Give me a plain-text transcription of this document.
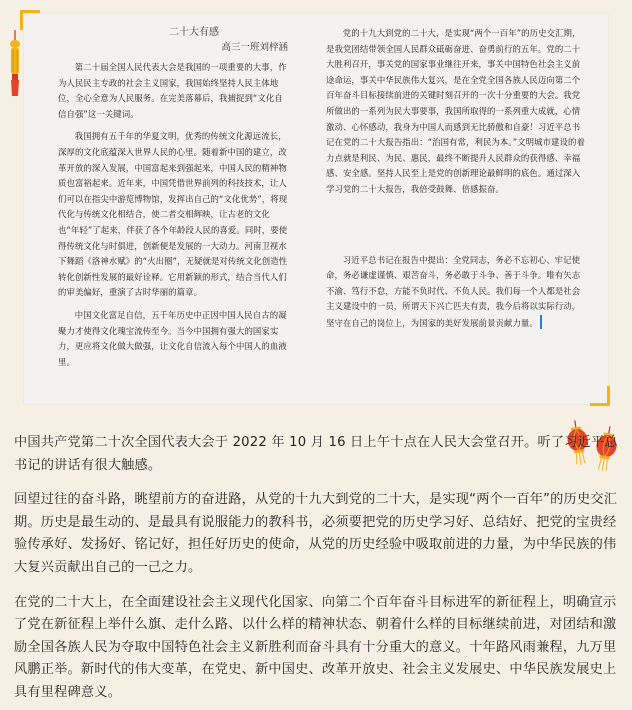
二十大有感
高三一班刘梓涵

第二十届全国人民代表大会是我国的一项重要的大事，作为人民民主专政的社会主义国家，我国始终坚持人民主体地位，全心全意为人民服务。在完美落幕后，我捕捉到“文化自信自强”这一关键词。

我国拥有五千年的华夏文明，优秀的传统文化源远流长，深厚的文化底蕴深入世界人民的心里。随着新中国的建立，改革开放的深入发展，中国富起来到强起来，中国人民的精神物质也富裕起来。近年来，中国凭借世界前列的科技技术，让人们可以在指尖中游览博物馆，发挥出自己的“文化优势”，将现代化与传统文化相结合，使二者交相辉映，让古老的文化也“年轻”了起来，伴获了各个年龄段人民的喜爱。同时，要使得传统文化与时俱进，创新便是发展的一大动力。河南卫视水下舞蹈《洛神水赋》的“火出圈”，无疑就是对传统文化创造性转化创新性发展的最好诠释。它用新颖的形式，结合当代人们的审美偏好，重演了古时华丽的篇章。

中国文化富足自信，五千年历史中正因中国人民自古的凝聚力才使得文化瑰宝流传至今。当今中国拥有强大的国家实力，更应将文化做大做强，让文化自信流入每个中国人的血液里。

党的十九大到党的二十大，是实现“两个一百年”的历史交汇期，是我党团结带领全国人民群众砥砺奋进、奋勇前行的五年。党的二十大胜利召开，事关党的国家事业继往开来，事关中国特色社会主义前途命运，事关中华民族伟大复兴，是在全党全国各族人民迈向第二个百年奋斗目标接续前进的关键时刻召开的一次十分重要的大会。我党所做出的一系列为民大事要事，我国所取得的一系列重大成就，心情激动、心怀感动，我身为中国人而感到无比骄傲和自豪！习近平总书记在党的二十大报告指出：“治国有常，利民为本。”文明城市建设的着力点就是利民、为民、惠民，最终不断提升人民群众的获得感、幸福感、安全感。坚持人民至上是党的创新理论最鲜明的底色。通过深入学习党的二十大报告，我倍受鼓舞、倍感振奋。

习近平总书记在报告中提出：全党同志，务必不忘初心、牢记使命，务必谦虚谨慎、艰苦奋斗，务必敢于斗争、善于斗争。唯有矢志不渝、笃行不怠，方能不负时代、不负人民。我们每一个人都是社会主义建设中的一员，所谓天下兴亡匹夫有责，我今后将以实际行动，坚守在自己的岗位上，为国家的美好发展前景贡献力量。

中国共产党第二十次全国代表大会于 2022 年 10 月 16 日上午十点在人民大会堂召开。听了习近平总书记的讲话有很大触感。

回望过往的奋斗路，眺望前方的奋进路，从党的十九大到党的二十大，是实现“两个一百年”的历史交汇期。历史是最生动的、是最具有说服能力的教科书，必须要把党的历史学习好、总结好、把党的宝贵经验传承好、发扬好、铭记好，担任好历史的使命，从党的历史经验中吸取前进的力量，为中华民族的伟大复兴贡献出自己的一己之力。

在党的二十大上，在全面建设社会主义现代化国家、向第二个百年奋斗目标进军的新征程上，明确宣示了党在新征程上举什么旗、走什么路、以什么样的精神状态、朝着什么样的目标继续前进，对团结和激励全国各族人民为夺取中国特色社会主义新胜利而奋斗具有十分重大的意义。十年路风雨兼程，九万里风鹏正举。新时代的伟大变革，在党史、新中国史、改革开放史、社会主义发展史、中华民族发展史上具有里程碑意义。
